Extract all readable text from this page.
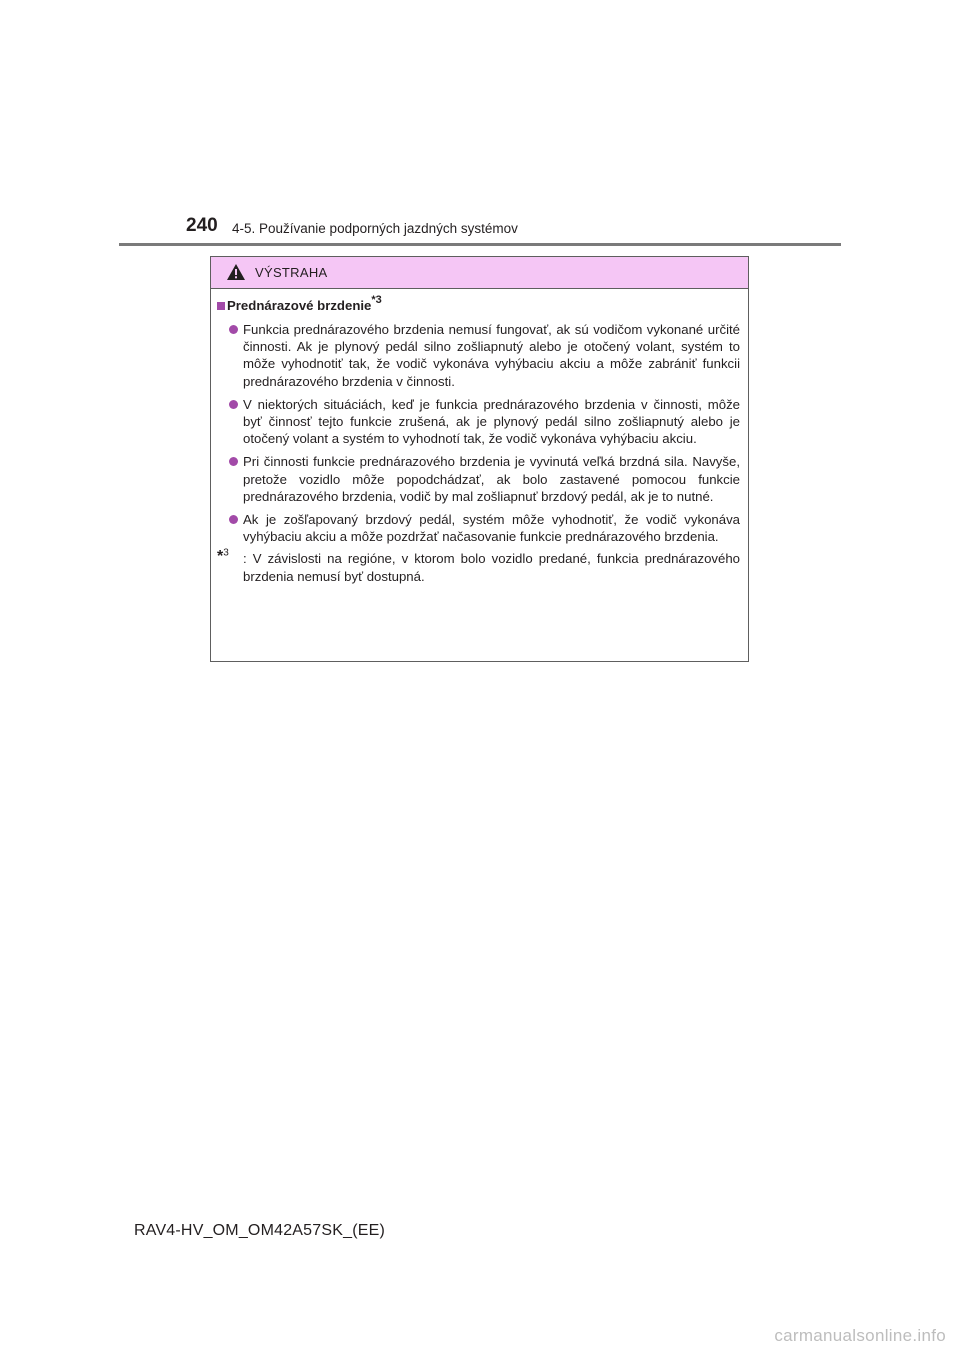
240 4-5. Používanie podporných jazdných systémov
VÝSTRAHA
Prednárazové brzdenie$^{*3}$
Funkcia prednárazového brzdenia nemusí fungovať, ak sú vodičom vykonané určité činnosti. Ak je plynový pedál silno zošliapnutý alebo je otočený volant, systém to môže vyhodnotiť tak, že vodič vykonáva vyhýbaciu akciu a môže zabrániť funkcii prednárazového brzdenia v činnosti.
V niektorých situáciách, keď je funkcia prednárazového brzdenia v činnosti, môže byť činnosť tejto funkcie zrušená, ak je plynový pedál silno zošliapnutý alebo je otočený volant a systém to vyhodnotí tak, že vodič vykonáva vyhýbaciu akciu.
Pri činnosti funkcie prednárazového brzdenia je vyvinutá veľká brzdná sila. Navyše, pretože vozidlo môže popodchádzať, ak bolo zastavené pomocou funkcie prednárazového brzdenia, vodič by mal zošliapnuť brzdový pedál, ak je to nutné.
Ak je zošľapovaný brzdový pedál, systém môže vyhodnotiť, že vodič vykonáva vyhýbaciu akciu a môže pozdržať načasovanie funkcie prednárazového brzdenia.
*$^3$ : V závislosti na regióne, v ktorom bolo vozidlo predané, funkcia prednárazového brzdenia nemusí byť dostupná.
RAV4-HV_OM_OM42A57SK_(EE)
carmanualsonline.info
